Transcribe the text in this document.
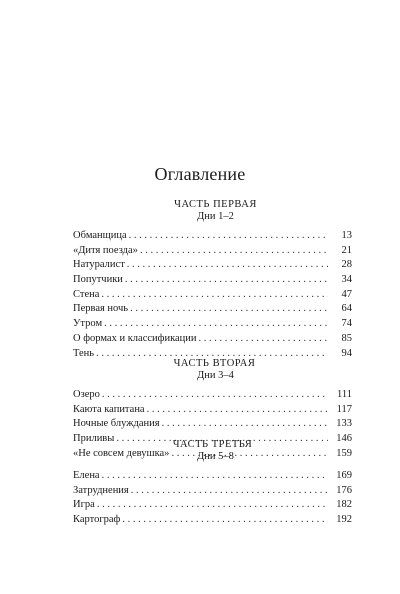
Оглавление
ЧАСТЬ ПЕРВАЯ
Дни 1–2
Обманщица . . .	13
«Дитя поезда» . . .	21
Натуралист . . .	28
Попутчики . . .	34
Стена . . .	47
Первая ночь . . .	64
Утром . . .	74
О формах и классификации . . .	85
Тень . . .	94
ЧАСТЬ ВТОРАЯ
Дни 3–4
Озеро . . .	111
Каюта капитана . . .	117
Ночные блуждания . . .	133
Приливы . . .	146
«Не совсем девушка» . . .	159
ЧАСТЬ ТРЕТЬЯ
Дни 5–8
Елена . . .	169
Затруднения . . .	176
Игра . . .	182
Картограф . . .	192
